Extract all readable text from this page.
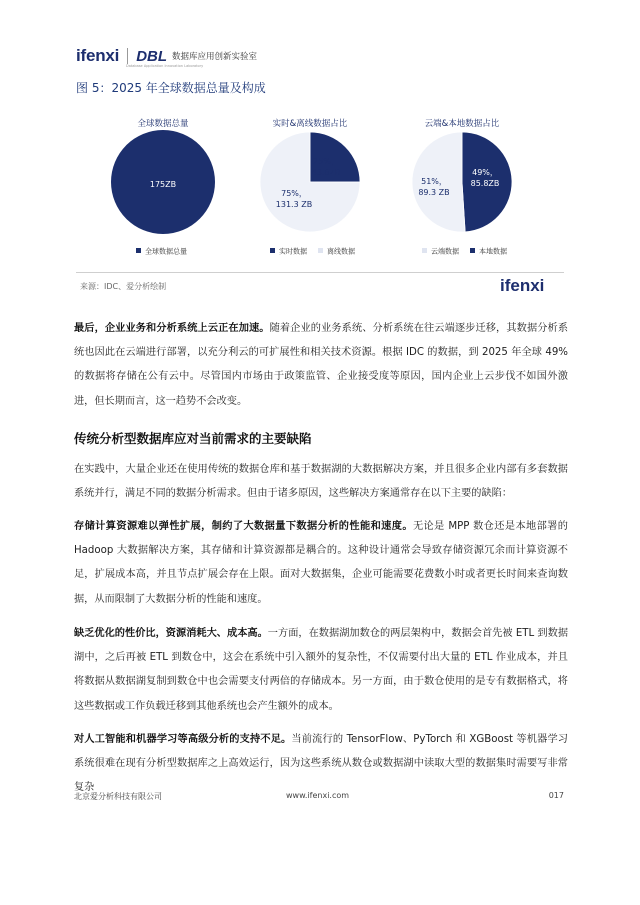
ifenxi DBL 数据库应用创新实验室
Database Application Innovation Laboratory
图 5：2025 年全球数据总量及构成
全球数据总量
175ZB
全球数据总量
实时&离线数据占比
25%， 43.8ZB
75%， 131.3 ZB
实时数据	离线数据
云端&本地数据占比
49%， 85.8ZB
51%， 89.3 ZB
云端数据	本地数据
来源：IDC、爱分析绘制	ifenxi
最后，企业业务和分析系统上云正在加速。随着企业的业务系统、分析系统在往云端逐步迁移，其数据分析系统也因此在云端进行部署，以充分利云的可扩展性和相关技术资源。根据 IDC 的数据，到 2025 年全球 49%的数据将存储在公有云中。尽管国内市场由于政策监管、企业接受度等原因，国内企业上云步伐不如国外激进，但长期而言，这一趋势不会改变。
传统分析型数据库应对当前需求的主要缺陷
在实践中，大量企业还在使用传统的数据仓库和基于数据湖的大数据解决方案，并且很多企业内部有多套数据系统并行，满足不同的数据分析需求。但由于诸多原因，这些解决方案通常存在以下主要的缺陷：
存储计算资源难以弹性扩展，制约了大数据量下数据分析的性能和速度。无论是 MPP 数仓还是本地部署的 Hadoop 大数据解决方案，其存储和计算资源都是耦合的。这种设计通常会导致存储资源冗余而计算资源不足，扩展成本高，并且节点扩展会存在上限。面对大数据集，企业可能需要花费数小时或者更长时间来查询数据，从而限制了大数据分析的性能和速度。
缺乏优化的性价比，资源消耗大、成本高。一方面，在数据湖加数仓的两层架构中，数据会首先被 ETL 到数据湖中，之后再被 ETL 到数仓中，这会在系统中引入额外的复杂性，不仅需要付出大量的 ETL 作业成本，并且将数据从数据湖复制到数仓中也会需要支付两倍的存储成本。另一方面，由于数仓使用的是专有数据格式，将这些数据或工作负载迁移到其他系统也会产生额外的成本。
对人工智能和机器学习等高级分析的支持不足。当前流行的 TensorFlow、PyTorch 和 XGBoost 等机器学习系统很难在现有分析型数据库之上高效运行，因为这些系统从数仓或数据湖中读取大型的数据集时需要写非常复杂
北京爱分析科技有限公司	www.ifenxi.com	017
